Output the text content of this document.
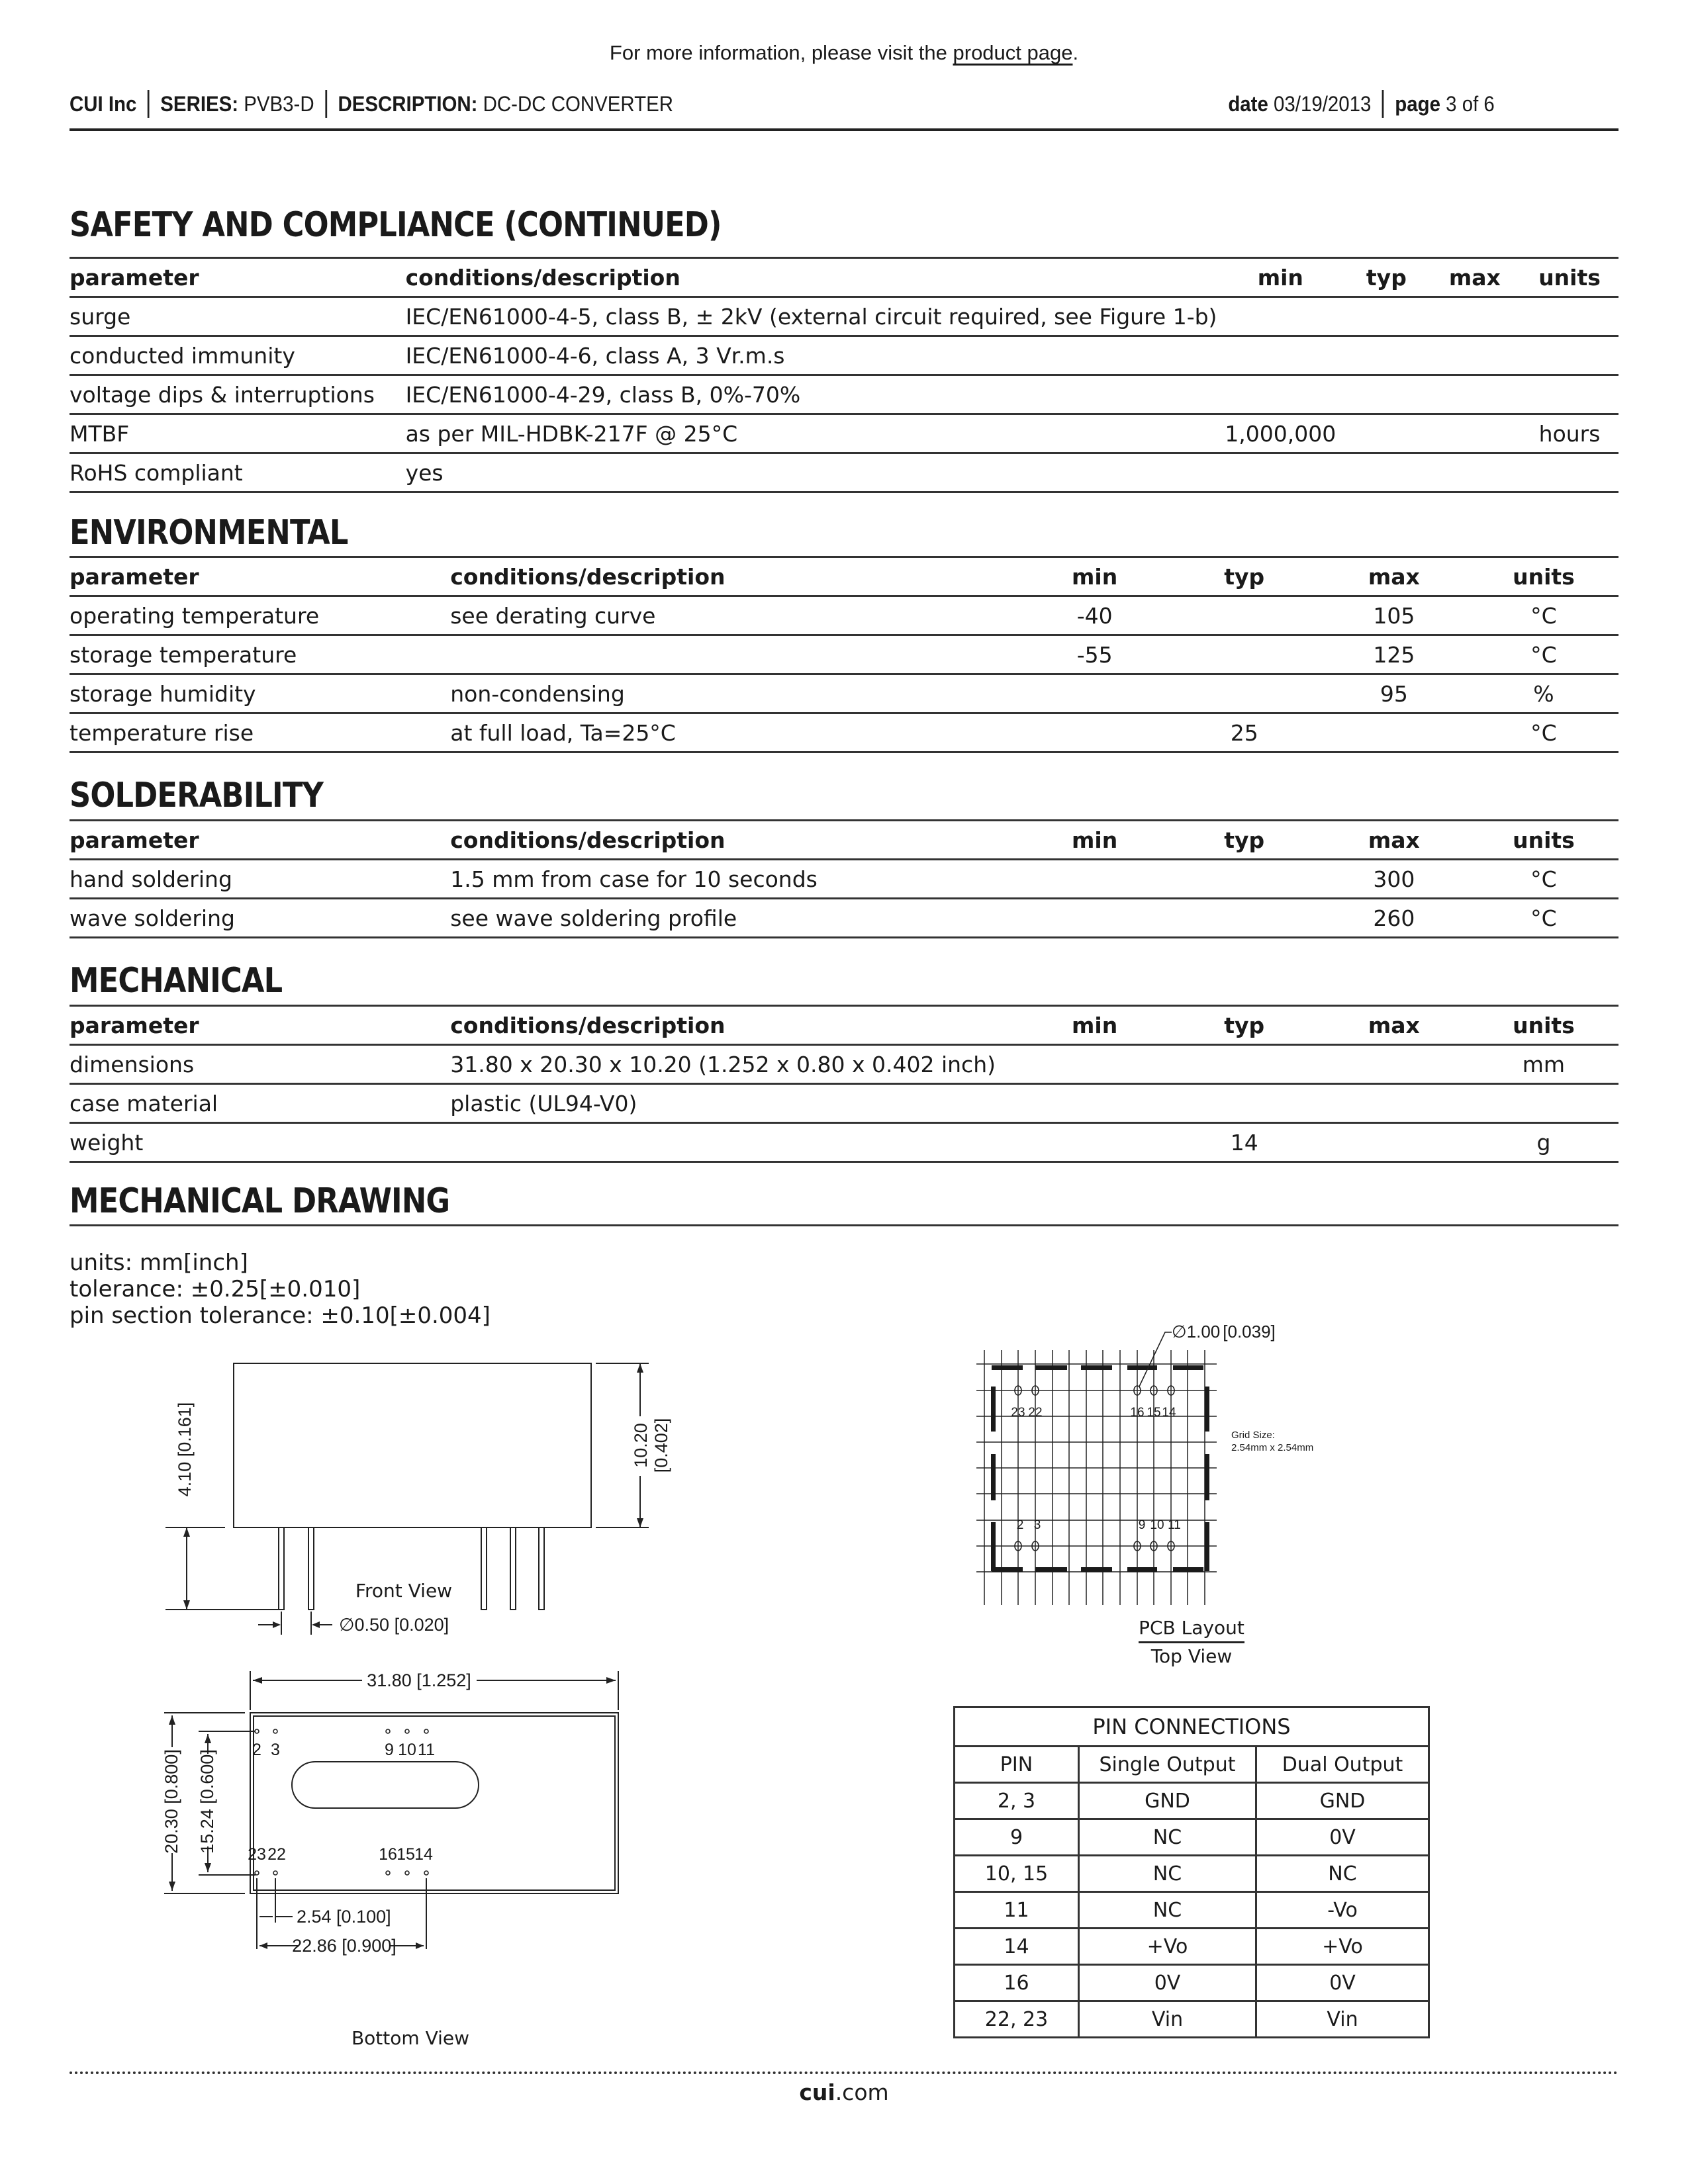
For more information, please visit the product page.
CUI Inc SERIES:
PVB3-D DESCRIPTION:
DC-DC CONVERTER	date
03/19/2013 page
3 of 6
SAFETY AND COMPLIANCE (CONTINUED)
parameter	conditions/description	min	typ	max	units
surge	IEC/EN61000-4-5, class B, ± 2kV (external circuit required, see Figure 1-b)				
conducted immunity	IEC/EN61000-4-6, class A, 3 Vr.m.s				
voltage dips & interruptions	IEC/EN61000-4-29, class B, 0%-70%				
MTBF	as per MIL-HDBK-217F @ 25°C	1,000,000			hours
RoHS compliant	yes				
ENVIRONMENTAL
parameter	conditions/description	min	typ	max	units
operating temperature	see derating curve	-40		105	°C
storage temperature		-55		125	°C
storage humidity	non-condensing			95	%
temperature rise	at full load, Ta=25°C		25		°C
SOLDERABILITY
parameter	conditions/description	min	typ	max	units
hand soldering	1.5 mm from case for 10 seconds			300	°C
wave soldering	see wave soldering profile			260	°C
MECHANICAL
parameter	conditions/description	min	typ	max	units
dimensions	31.80 x 20.30 x 10.20 (1.252 x 0.80 x 0.402 inch)				mm
case material	plastic (UL94-V0)				
weight			14		g
MECHANICAL DRAWING
units: mm[inch]
tolerance: ±0.25[±0.010]
pin section tolerance: ±0.10[±0.004]
4.10 [0.161]	10.20 [0.402]
∅0.50 [0.020]
Front View
2 3	9 10 11
23 22	16 15 14
31.80 [1.252]
20.30 [0.800] 15.24 [0.600]
2.54 [0.100]
22.86 [0.900]
Bottom View
23 22	16 15 14
2 3	9 10 11
∅1.00 [0.039]
Grid Size:
2.54mm x 2.54mm
PCB Layout
Top View
PIN CONNECTIONS		
PIN	Single Output	Dual Output
2, 3	GND	GND
9	NC	0V
10, 15	NC	NC
11	NC	-Vo
14	+Vo	+Vo
16	0V	0V
22, 23	Vin	Vin
cui.com
